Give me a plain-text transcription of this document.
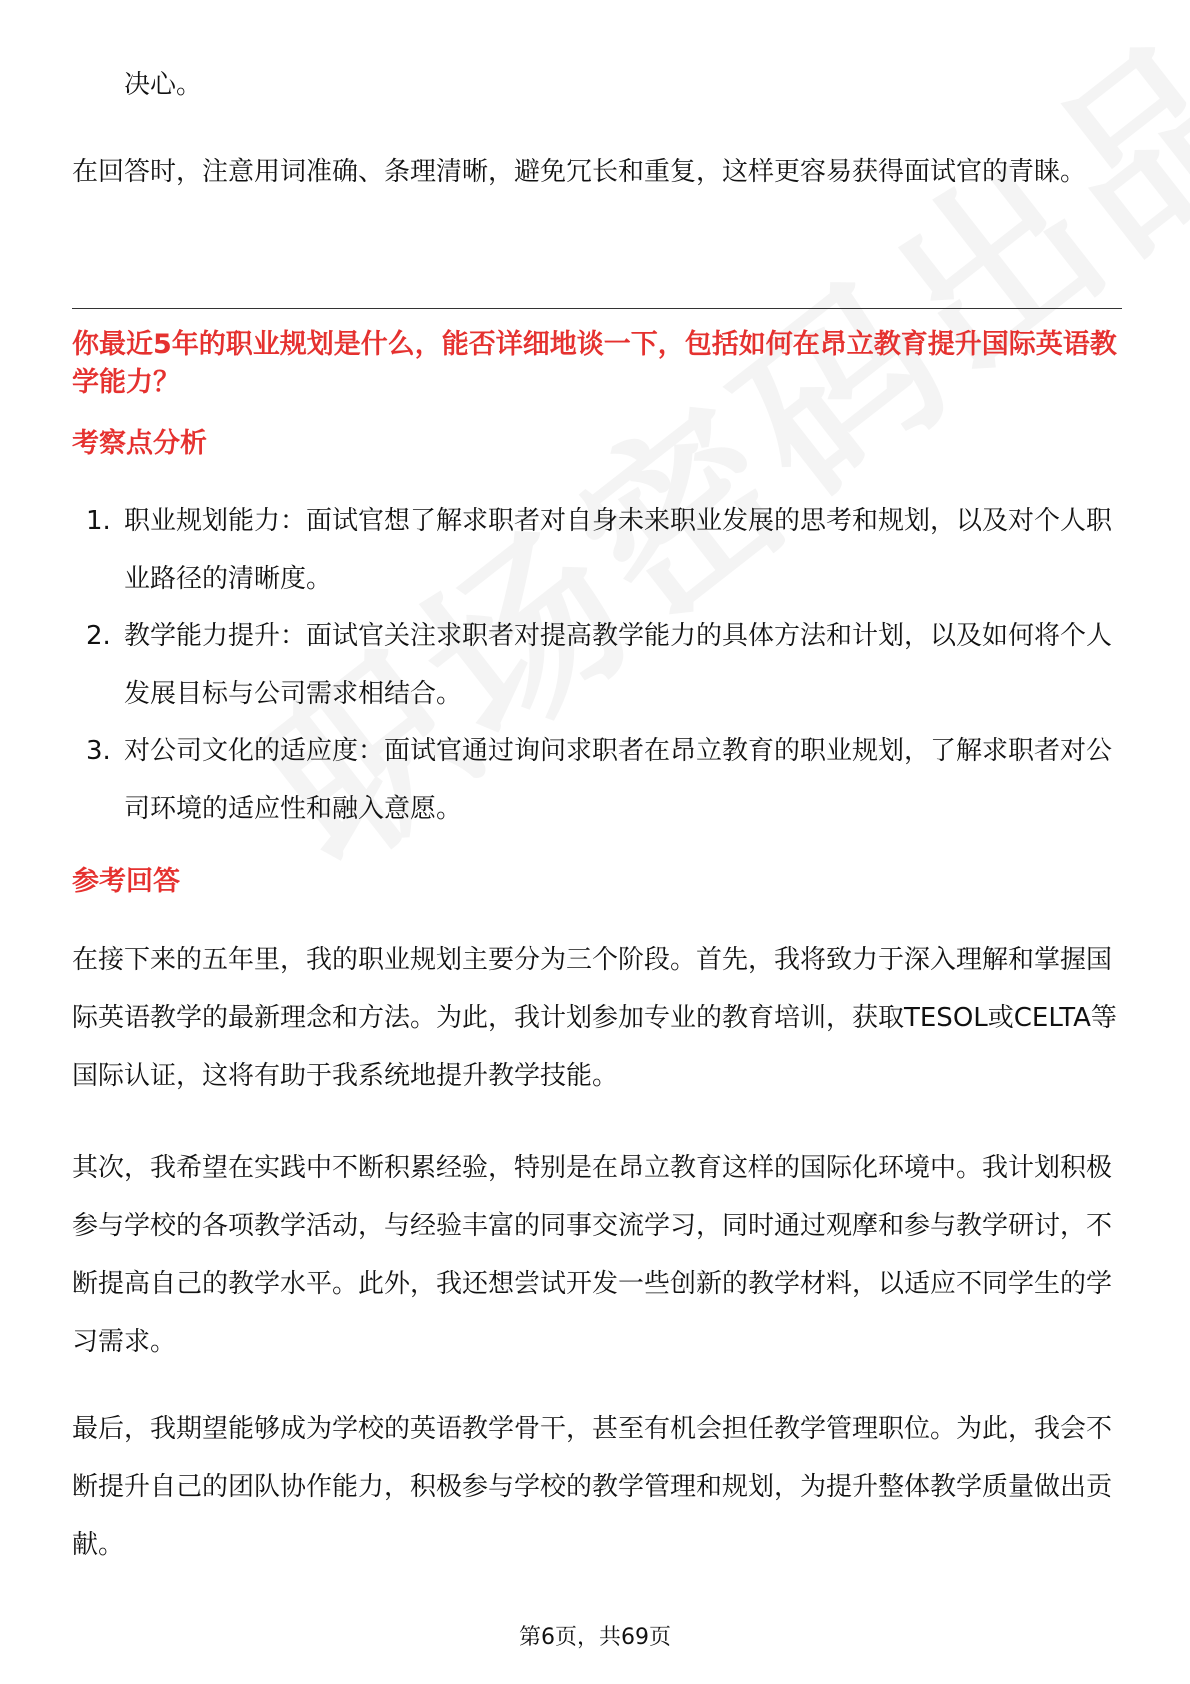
决心。

在回答时，注意用词准确、条理清晰，避免冗长和重复，这样更容易获得面试官的青睐。

你最近5年的职业规划是什么，能否详细地谈一下，包括如何在昂立教育提升国际英语教学能力？

考察点分析

1. 职业规划能力：面试官想了解求职者对自身未来职业发展的思考和规划，以及对个人职业路径的清晰度。
2. 教学能力提升：面试官关注求职者对提高教学能力的具体方法和计划，以及如何将个人发展目标与公司需求相结合。
3. 对公司文化的适应度：面试官通过询问求职者在昂立教育的职业规划，了解求职者对公司环境的适应性和融入意愿。

参考回答

在接下来的五年里，我的职业规划主要分为三个阶段。首先，我将致力于深入理解和掌握国际英语教学的最新理念和方法。为此，我计划参加专业的教育培训，获取TESOL或CELTA等国际认证，这将有助于我系统地提升教学技能。

其次，我希望在实践中不断积累经验，特别是在昂立教育这样的国际化环境中。我计划积极参与学校的各项教学活动，与经验丰富的同事交流学习，同时通过观摩和参与教学研讨，不断提高自己的教学水平。此外，我还想尝试开发一些创新的教学材料，以适应不同学生的学习需求。

最后，我期望能够成为学校的英语教学骨干，甚至有机会担任教学管理职位。为此，我会不断提升自己的团队协作能力，积极参与学校的教学管理和规划，为提升整体教学质量做出贡献。

第6页，共69页
